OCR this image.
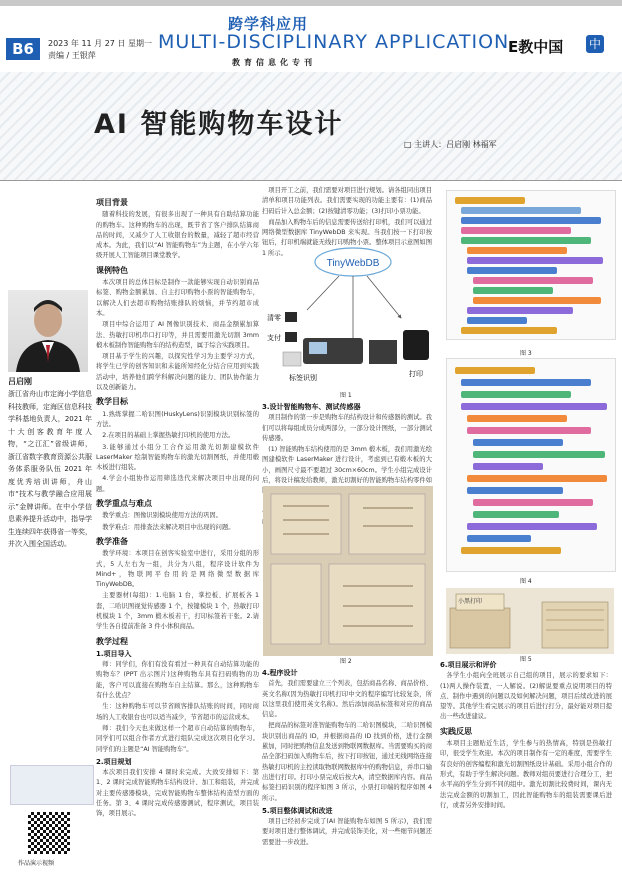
B6	2023 年 11 月 27 日 星期一
责编 / 王银萍
跨学科应用
MULTI-DISCIPLINARY APPLICATION
教育信息化专刊
E教中国 中
AI 智能购物车设计
□ 主讲人：吕启刚 林福军
吕启刚
浙江省舟山市定海小学信息科技教师，定海区信息科技学科基地负责人，2021 年十大创客教育年度人物，“之江汇”省级讲师，浙江省数字教育资源公共服务体系服务队伍 2021 年度优秀培训讲师，舟山市“技术与教学融合应用展示”金牌讲师。在中小学信息素养提升活动中，指导学生连续四年获得省一等奖，并次入围全国活动。
作品演示视频
项目背景

随着科技的发展，有很多出现了一种具有自助结算功能的购物车。这种购物车的出现，既节省了客户排队结算商品的时间，又减少了人工收银台的数量，减轻了超市经营成本。为此，我们以“AI 智能购物车”为主题，在小学六年级开展人工智能项目课堂教学。

课例特色

本次项目的总体目标是制作一款能够实现自动识别商品标签、购物金额累加、自主打印购物小票的智能购物车，以解决人们去超市购物结账排队的烦恼，并节约超市成本。

项目中综合运用了 AI 图像识别技术、商品金额累加算法、热敏打印机串口打印等，并且需要用激光切割 3mm 椴木板制作智能购物车的结构造型，属于综合实践项目。

项目基于学生的兴趣，以探究性学习为主要学习方式，将学生已学的创客知识和未能所知经化分结合应用到实践活动中，培养他们跨学科解决问题的能力、团队协作能力以及创新能力。

教学目标

1.熟练掌握二哈识图(HuskyLens)识别模块识别标签的方法。

2.在项目的基础上掌握热敏打印机的使用方法。

3.能够通过小组分工合作运用激光切割建模软件 LaserMaker 绘制智能购物车的激光切割图纸，并使用椴木板进行组装。

4.学会小组协作运用筛选迭代来解决项目中出现的问题。

教学重点与难点

教学重点：图像识别模块使用方法的巩固。

教学难点：用排查法来解决项目中出现的问题。

教学准备

教学环境：本项目在创客实验室中进行，采用分组的形式，5 人左右为一组，共分为八组，程序设计软件为 Mind+，物联网平台用的是网络微型数据库 TinyWebDB。

主要器材(每组)：1.电脑 1 台，掌控板、扩展板各 1 套，二哈识图视觉传感器 1 个，按键模块 1 个，热敏打印机模块 1 个，3mm 椴木板若干，打印标签若干张。2.请学生各自提前准备 3 件小体积商品。

教学过程
1.项目导入

师：同学们，你们有没有看过一种具有自动结算功能的购物车？(PPT 出示图片)这种购物车具有扫码购物的功能，客户可以直接在购物车自主结算。那么，这种购物车有什么优点？

生：这种购物车可以节省顾客排队结账的时间，同时商场的人工收银台也可以适当减少，节省超市的运营成本。

师：我们今天也来做这样一个超市自动结算的购物车，同学们可以组合作者方式进行组队完成这次项目化学习。同学们的主题是“AI 智能购物车”。

2.项目规划

本次项目我们安排 4 课时来完成。大致安排如下：第 1、2 课时完成智能购物车结构设计、加工和组装，并完成对主要传感器模块，完成智能购物车整体结构造型方面的任务。第 3、4 课时完成传感器测试，程序测试，项目装饰，项目展示。

项目开工之前，我们需要对项目进行规划。请各组同出项目清单和项目功能列表。我们需要实现的功能主要有：(1)商品扫码后计入总金额；(2)按键清零功能；(3)打印小票功能。

商品加入购物车后的信息需要传送给打印机，我们可以通过网络微型数据库 TinyWebDB 来实现。当我们按一下打印按钮后，打印机端就能无线打印购物小票。整体项目示意图如图 1 所示。

TinyWebDB
清零
支付
标签识别
打印
图 1
3.设计智能购物车、测试传感器

项目制作的第一步是购物车的结构设计和传感器的测试。我们可以将每组成员分成两部分，一部分设计图纸，一部分测试传感器。

(1) 智能购物车结构使用的是 3mm 椴木板，我们用激光绘图建模软件 LaserMaker 进行设计，考虑到已有椴木板的大小，画图尺寸最不要超过 30cm×60cm。学生小组完成设计后，将设计稿发给教师，激光切割好的智能购物车结构零件如

图 2
4.程序设计

首先，我们需要建立三个列表，包括商品名称、商品价格、英文名称(因为热敏打印机打印中文的程序编写比较复杂，所以这里我们使用英文名称)。然后添加商品标签和对应的商品信息。

把商品的标签对准智能购物车的二哈识图模块，二哈识图模块识别出商品的 ID，并根据商品的 ID 找到价格，进行金额累加，同时把购物信息发送到物联网数据库。当需要购买的商品全部扫码加入购物车后，按下打印按钮，通过无线网络连接热敏打印机的主控读取物联网数据库中的购物信息，并串口输出进行打印。打印小票完成后按大A，清空数据库内容。商品标签扫码识别的程序如图 3 所示，小票打印端的程序如图 4 所示。

5.项目整体调试和改进

项目已经初步完成了(AI 智能购物车如图 5 所示)，我们需要对项目进行整体调试，并完成装饰美化，对一些细节问题还需要进一步改进。

图 3
图 4
小黑打印
图 5
6.项目展示和评价

各学生小组向全班展示自己组的项目，展示的要求如下：(1)两人操作装置，一人解说。(2)解说要重点说明项目的特点、制作中遇到的问题以及如何解决问题，项目后续改进的展望等。其他学生看完展示的项目后进行打分，最好能对项目提出一些改进建议。

实践反思

本项目主题贴近生活，学生参与的热情高，特别是热敏打印，很受学生欢迎。本次的项目制作有一定的难度，需要学生有良好的创客编程和激光切割图纸设计基础。采用小组合作的形式，有助于学生解决问题。教师对组员要进行合理分工，把水平高的学生分到不同的组中。激光切割比较费时间，课内无法完成金额的切割加工，因此智能购物车的组装需要课后进行，或者另外安排时间。
